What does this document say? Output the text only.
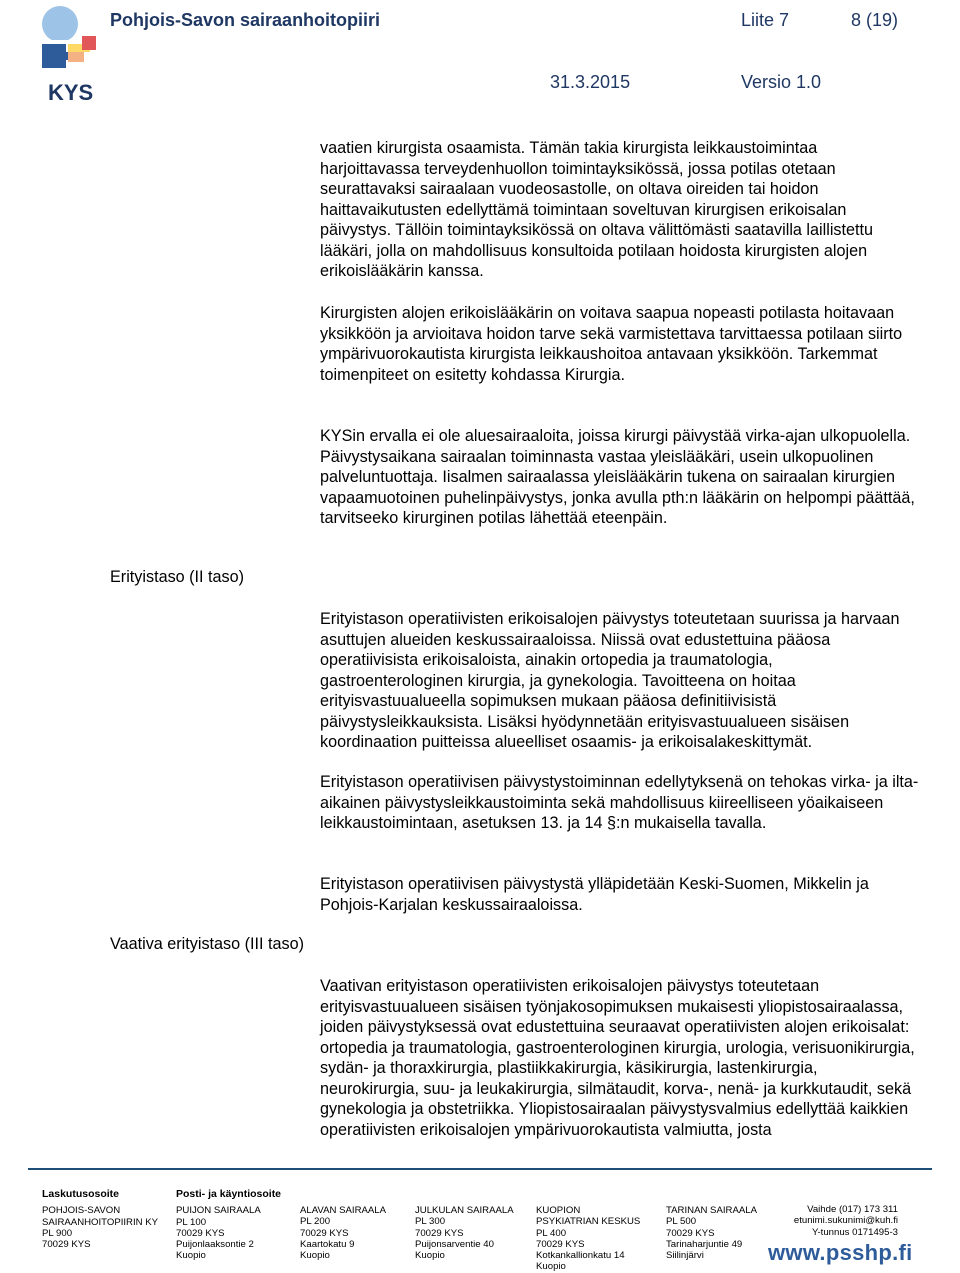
KYS
Pohjois-Savon sairaanhoitopiiri	Liite 7	8 (19)
31.3.2015	Versio 1.0

vaatien kirurgista osaamista. Tämän takia kirurgista leikkaustoimintaa harjoittavassa terveydenhuollon toimintayksikössä, jossa potilas otetaan seurattavaksi sairaalaan vuodeosastolle, on oltava oireiden tai hoidon haittavaikutusten edellyttämä toimintaan soveltuvan kirurgisen erikoisalan päivystys. Tällöin toimintayksikössä on oltava välittömästi saatavilla laillistettu lääkäri, jolla on mahdollisuus konsultoida potilaan hoidosta kirurgisten alojen erikoislääkärin kanssa.

Kirurgisten alojen erikoislääkärin on voitava saapua nopeasti potilasta hoitavaan yksikköön ja arvioitava hoidon tarve sekä varmistettava tarvittaessa potilaan siirto ympärivuorokautista kirurgista leikkaushoitoa antavaan yksikköön. Tarkemmat toimenpiteet on esitetty kohdassa Kirurgia.

KYSin ervalla ei ole aluesairaaloita, joissa kirurgi päivystää virka-ajan ulkopuolella. Päivystysaikana sairaalan toiminnasta vastaa yleislääkäri, usein ulkopuolinen palveluntuottaja. Iisalmen sairaalassa yleislääkärin tukena on sairaalan kirurgien vapaamuotoinen puhelinpäivystys, jonka avulla pth:n lääkärin on helpompi päättää, tarvitseeko kirurginen potilas lähettää eteenpäin.

Erityistaso (II taso)

Erityistason operatiivisten erikoisalojen päivystys toteutetaan suurissa ja harvaan asuttujen alueiden keskussairaaloissa. Niissä ovat edustettuina pääosa operatiivisista erikoisaloista, ainakin ortopedia ja traumatologia, gastroenterologinen kirurgia, ja gynekologia. Tavoitteena on hoitaa erityisvastuualueella sopimuksen mukaan pääosa definitiivisistä päivystysleikkauksista. Lisäksi hyödynnetään erityisvastuualueen sisäisen koordinaation puitteissa alueelliset osaamis- ja erikoisalakeskittymät.

Erityistason operatiivisen päivystystoiminnan edellytyksenä on tehokas virka- ja ilta-aikainen päivystysleikkaustoiminta sekä mahdollisuus kiireelliseen yöaikaiseen leikkaustoimintaan, asetuksen 13. ja 14 §:n mukaisella tavalla.

Erityistason operatiivisen päivystystä ylläpidetään Keski-Suomen, Mikkelin ja Pohjois-Karjalan keskussairaaloissa.

Vaativa erityistaso (III taso)

Vaativan erityistason operatiivisten erikoisalojen päivystys toteutetaan erityisvastuualueen sisäisen työnjakosopimuksen mukaisesti yliopistosairaalassa, joiden päivystyksessä ovat edustettuina seuraavat operatiivisten alojen erikoisalat: ortopedia ja traumatologia, gastroenterologinen kirurgia, urologia, verisuonikirurgia, sydän- ja thoraxkirurgia, plastiikkakirurgia, käsikirurgia, lastenkirurgia, neurokirurgia, suu- ja leukakirurgia, silmätaudit, korva-, nenä- ja kurkkutaudit, sekä gynekologia ja obstetriikka. Yliopistosairaalan päivystysvalmius edellyttää kaikkien operatiivisten erikoisalojen ympärivuorokautista valmiutta, josta

Laskutusosoite
POHJOIS-SAVON
SAIRAANHOITOPIIRIN KY
PL 900
70029 KYS
Posti- ja käyntiosoite
PUIJON SAIRAALA
PL 100
70029 KYS
Puijonlaaksontie 2
Kuopio
ALAVAN SAIRAALA
PL 200
70029 KYS
Kaartokatu 9
Kuopio
JULKULAN SAIRAALA
PL 300
70029 KYS
Puijonsarventie 40
Kuopio
KUOPION
PSYKIATRIAN KESKUS
PL 400
70029 KYS
Kotkankallionkatu 14
Kuopio
TARINAN SAIRAALA
PL 500
70029 KYS
Tarinaharjuntie 49
Siilinjärvi
Vaihde (017) 173 311
etunimi.sukunimi@kuh.fi
Y-tunnus 0171495-3
www.psshp.fi
